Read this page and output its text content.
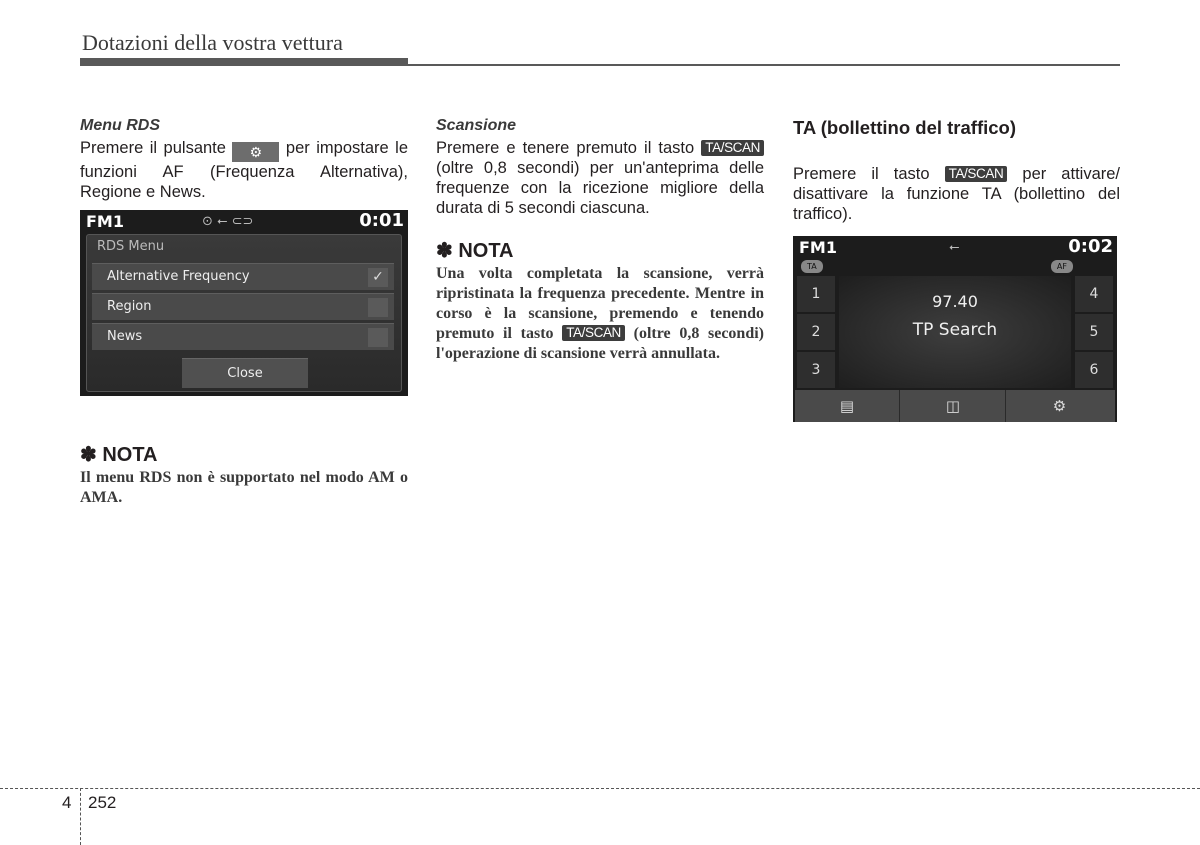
Dotazioni della vostra vettura
Menu RDS
Premere il pulsante ⚙ per impostare le funzioni AF (Frequenza Alternativa), Regione e News.
✽ NOTA
Il menu RDS non è supportato nel modo AM o AMA.
FM1	⊙ ⭠ ⊂⊃	0:01
RDS Menu
Alternative Frequency	✓
Region
News
Close
Scansione
Premere e tenere premuto il tasto TA/SCAN (oltre 0,8 secondi) per un'anteprima delle frequenze con la ricezione migliore della durata di 5 secondi ciascuna.
✽ NOTA
Una volta completata la scansione, verrà ripristinata la frequenza precedente. Mentre in corso è la scansione, premendo e tenendo premuto il tasto TA/SCAN (oltre 0,8 secondi) l'operazione di scansione verrà annullata.
TA (bollettino del traffico)
Premere il tasto TA/SCAN per attivare/ disattivare la funzione TA (bollettino del traffico).
FM1	⭠	0:02
TA	AF
1
2
3
4
5
6
97.40
TP Search
▤	◫	⚙
4 252
